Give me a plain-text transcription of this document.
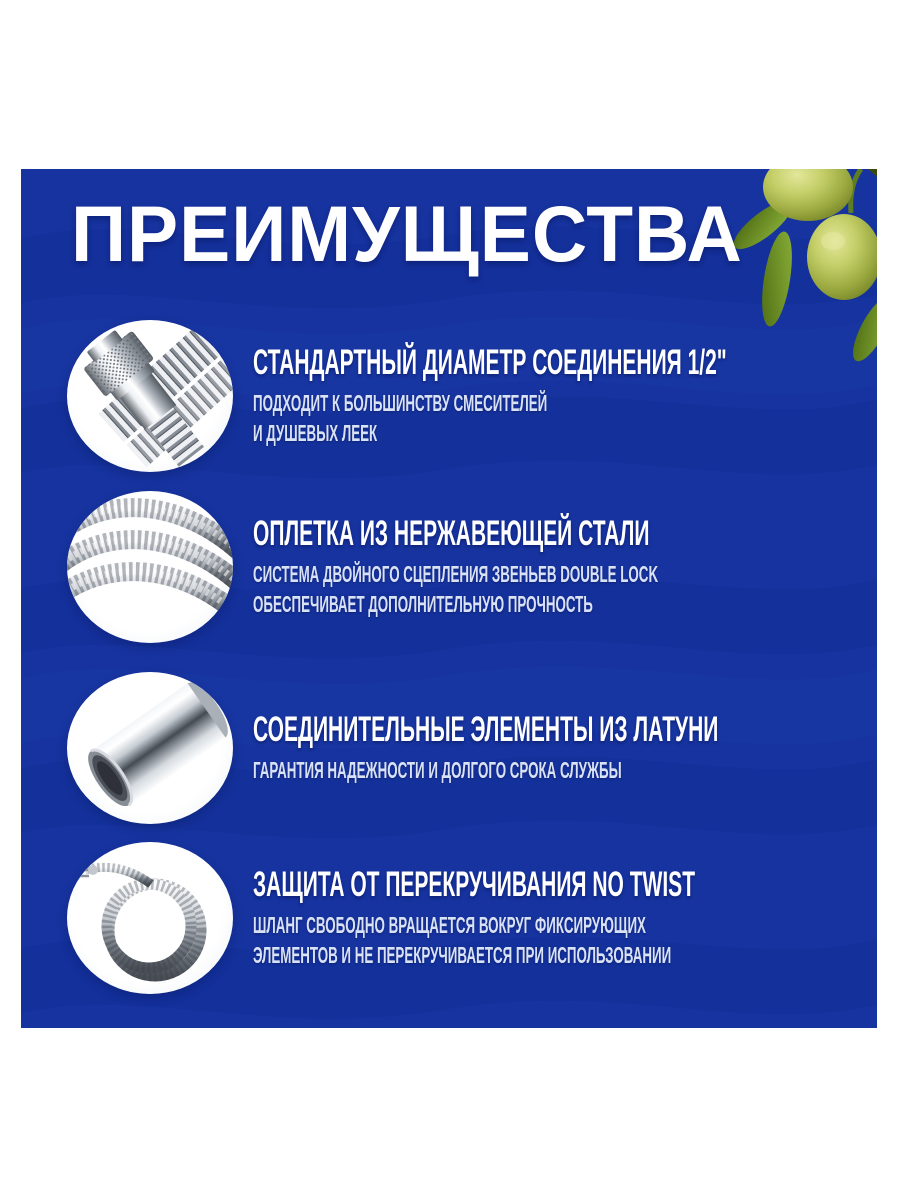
ПРЕИМУЩЕСТВА
СТАНДАРТНЫЙ ДИАМЕТР СОЕДИНЕНИЯ 1/2"
ПОДХОДИТ К БОЛЬШИНСТВУ СМЕСИТЕЛЕЙ
И ДУШЕВЫХ ЛЕЕК
ОПЛЕТКА ИЗ НЕРЖАВЕЮЩЕЙ СТАЛИ
СИСТЕМА ДВОЙНОГО СЦЕПЛЕНИЯ ЗВЕНЬЕВ DOUBLE LOCK
ОБЕСПЕЧИВАЕТ ДОПОЛНИТЕЛЬНУЮ ПРОЧНОСТЬ
СОЕДИНИТЕЛЬНЫЕ ЭЛЕМЕНТЫ ИЗ ЛАТУНИ
ГАРАНТИЯ НАДЕЖНОСТИ И ДОЛГОГО СРОКА СЛУЖБЫ
ЗАЩИТА ОТ ПЕРЕКРУЧИВАНИЯ NO TWIST
ШЛАНГ СВОБОДНО ВРАЩАЕТСЯ ВОКРУГ ФИКСИРУЮЩИХ
ЭЛЕМЕНТОВ И НЕ ПЕРЕКРУЧИВАЕТСЯ ПРИ ИСПОЛЬЗОВАНИИ
